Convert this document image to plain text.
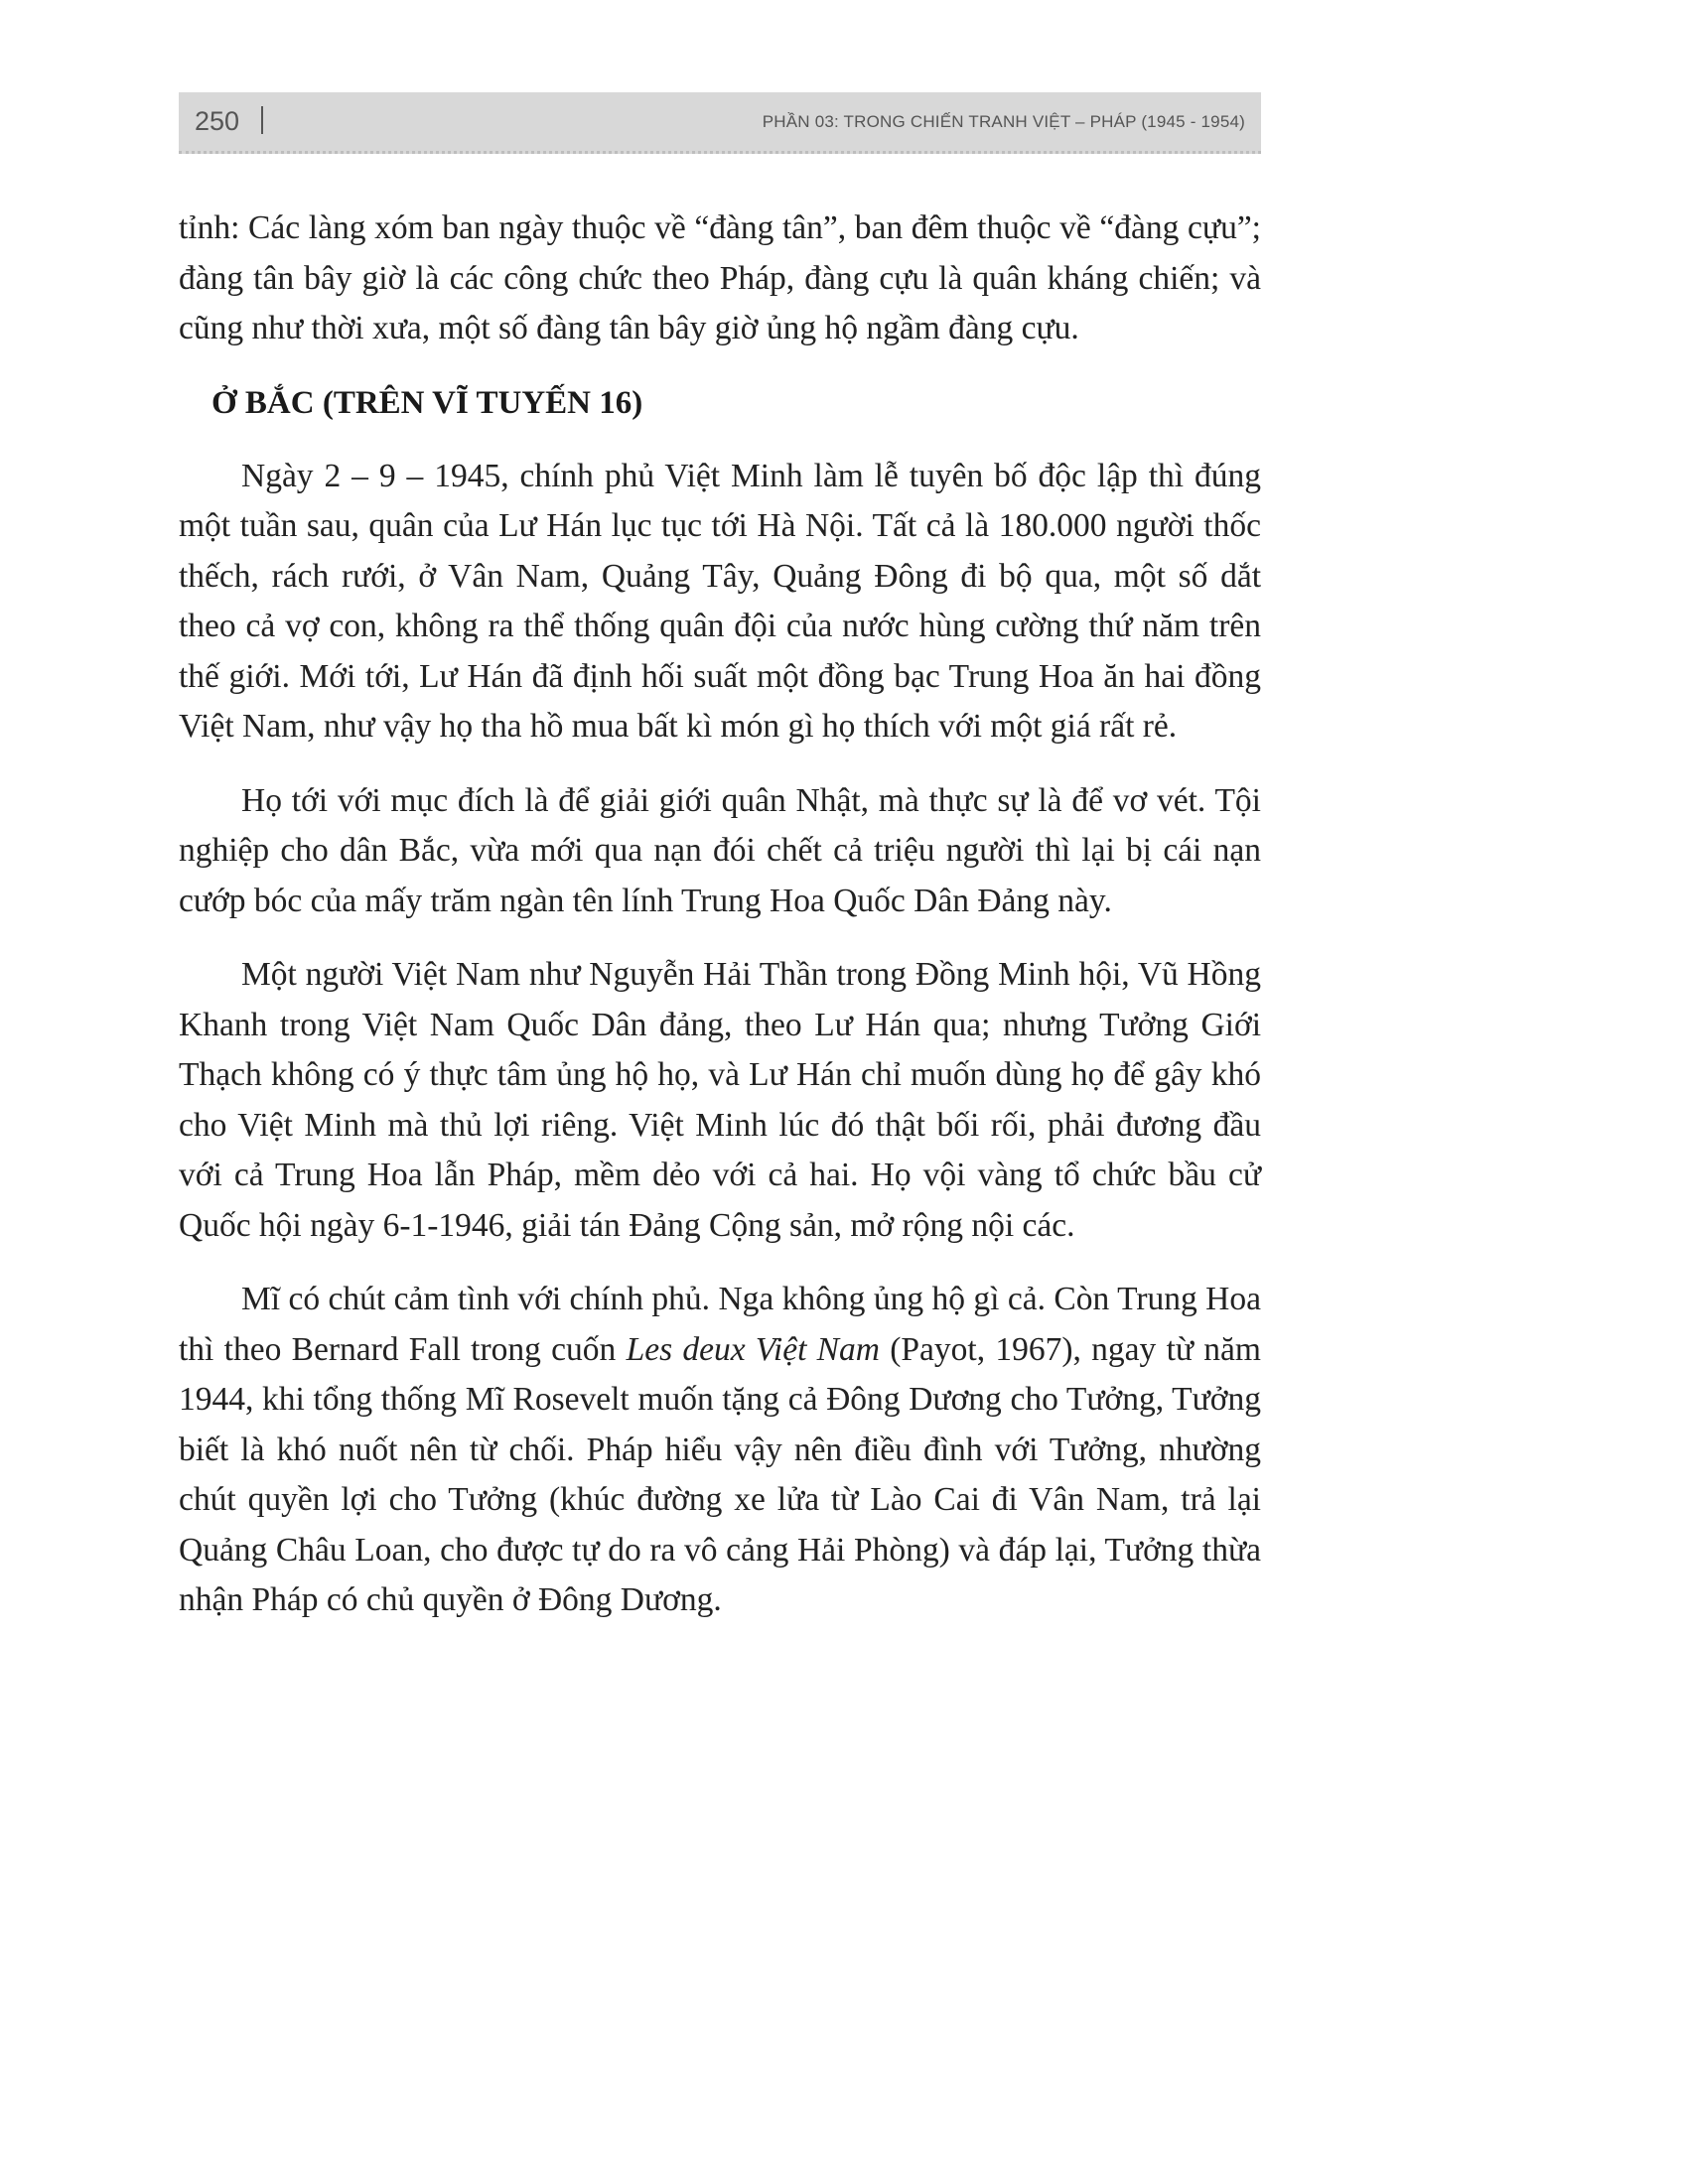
250	PHẦN 03: TRONG CHIẾN TRANH VIỆT – PHÁP (1945 - 1954)

tỉnh: Các làng xóm ban ngày thuộc về “đàng tân”, ban đêm thuộc về “đàng cựu”; đàng tân bây giờ là các công chức theo Pháp, đàng cựu là quân kháng chiến; và cũng như thời xưa, một số đàng tân bây giờ ủng hộ ngầm đàng cựu.

Ở BẮC (TRÊN VĨ TUYẾN 16)

Ngày 2 – 9 – 1945, chính phủ Việt Minh làm lễ tuyên bố độc lập thì đúng một tuần sau, quân của Lư Hán lục tục tới Hà Nội. Tất cả là 180.000 người thốc thếch, rách rưới, ở Vân Nam, Quảng Tây, Quảng Đông đi bộ qua, một số dắt theo cả vợ con, không ra thể thống quân đội của nước hùng cường thứ năm trên thế giới. Mới tới, Lư Hán đã định hối suất một đồng bạc Trung Hoa ăn hai đồng Việt Nam, như vậy họ tha hồ mua bất kì món gì họ thích với một giá rất rẻ.

Họ tới với mục đích là để giải giới quân Nhật, mà thực sự là để vơ vét. Tội nghiệp cho dân Bắc, vừa mới qua nạn đói chết cả triệu người thì lại bị cái nạn cướp bóc của mấy trăm ngàn tên lính Trung Hoa Quốc Dân Đảng này.

Một người Việt Nam như Nguyễn Hải Thần trong Đồng Minh hội, Vũ Hồng Khanh trong Việt Nam Quốc Dân đảng, theo Lư Hán qua; nhưng Tưởng Giới Thạch không có ý thực tâm ủng hộ họ, và Lư Hán chỉ muốn dùng họ để gây khó cho Việt Minh mà thủ lợi riêng. Việt Minh lúc đó thật bối rối, phải đương đầu với cả Trung Hoa lẫn Pháp, mềm dẻo với cả hai. Họ vội vàng tổ chức bầu cử Quốc hội ngày 6-1-1946, giải tán Đảng Cộng sản, mở rộng nội các.

Mĩ có chút cảm tình với chính phủ. Nga không ủng hộ gì cả. Còn Trung Hoa thì theo Bernard Fall trong cuốn Les deux Việt Nam (Payot, 1967), ngay từ năm 1944, khi tổng thống Mĩ Rosevelt muốn tặng cả Đông Dương cho Tưởng, Tưởng biết là khó nuốt nên từ chối. Pháp hiểu vậy nên điều đình với Tưởng, nhường chút quyền lợi cho Tưởng (khúc đường xe lửa từ Lào Cai đi Vân Nam, trả lại Quảng Châu Loan, cho được tự do ra vô cảng Hải Phòng) và đáp lại, Tưởng thừa nhận Pháp có chủ quyền ở Đông Dương.
